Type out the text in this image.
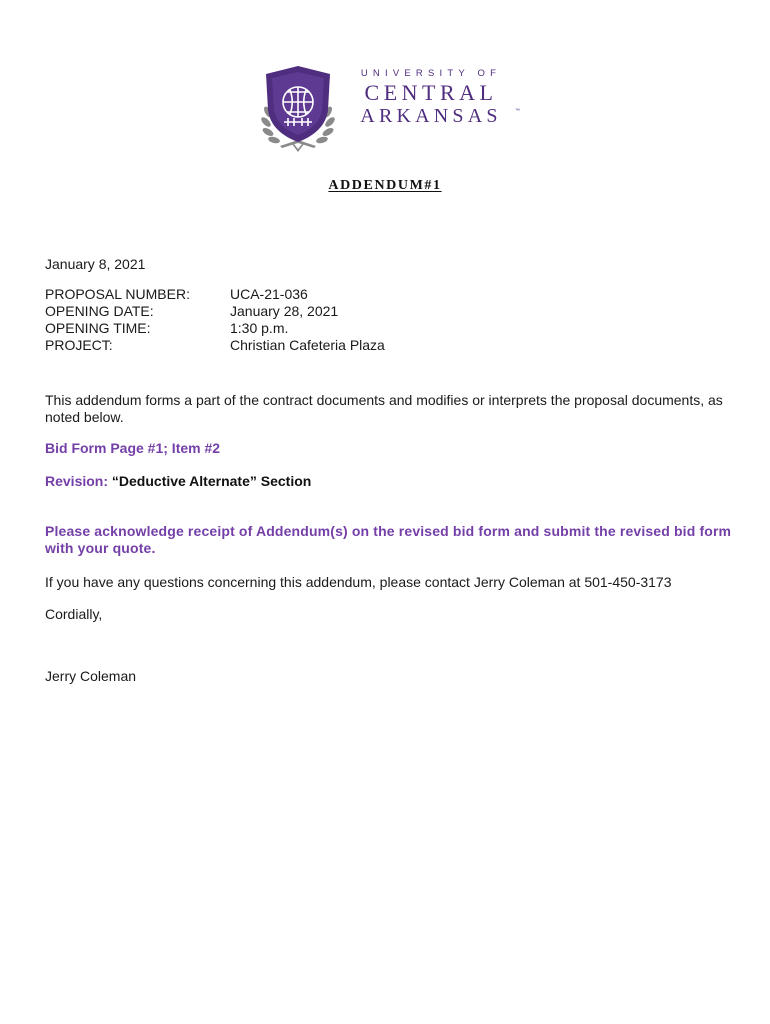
UNIVERSITY OF
CENTRAL
ARKANSAS	™
ADDENDUM#1
January 8, 2021
PROPOSAL NUMBER:	UCA-21-036
OPENING DATE:	January 28, 2021
OPENING TIME:	1:30 p.m.
PROJECT:	Christian Cafeteria Plaza
This addendum forms a part of the contract documents and modifies or interprets the proposal documents, as noted below.
Bid Form Page #1; Item #2
Revision: “Deductive Alternate” Section
Please acknowledge receipt of Addendum(s) on the revised bid form and submit the revised bid form with your quote.
If you have any questions concerning this addendum, please contact Jerry Coleman at 501-450-3173
Cordially,
Jerry Coleman
